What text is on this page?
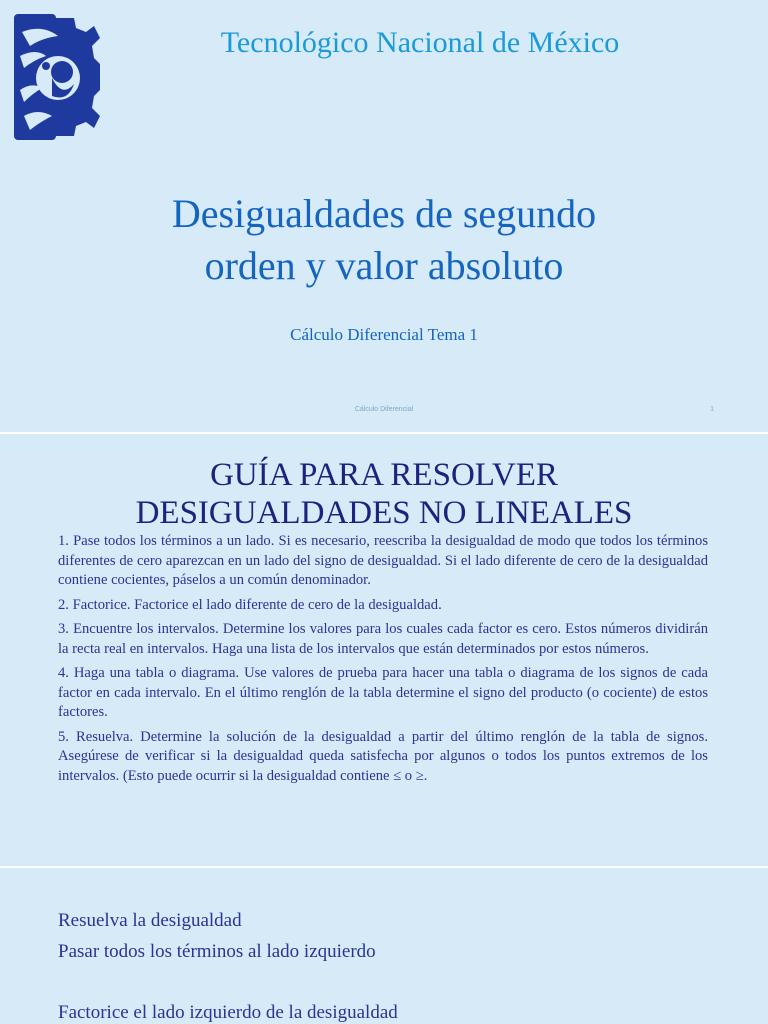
Tecnológico Nacional de México
Desigualdades de segundo
orden y valor absoluto
Cálculo Diferencial Tema 1
Cálculo Diferencial	1
GUÍA PARA RESOLVER
DESIGUALDADES NO LINEALES

1. Pase todos los términos a un lado. Si es necesario, reescriba la desigualdad de modo que todos los términos diferentes de cero aparezcan en un lado del signo de desigualdad. Si el lado diferente de cero de la desigualdad contiene cocientes, páselos a un común denominador.

2. Factorice. Factorice el lado diferente de cero de la desigualdad.

3. Encuentre los intervalos. Determine los valores para los cuales cada factor es cero. Estos números dividirán la recta real en intervalos. Haga una lista de los intervalos que están determinados por estos números.

4. Haga una tabla o diagrama. Use valores de prueba para hacer una tabla o diagrama de los signos de cada factor en cada intervalo. En el último renglón de la tabla determine el signo del producto (o cociente) de estos factores.

5. Resuelva. Determine la solución de la desigualdad a partir del último renglón de la tabla de signos. Asegúrese de verificar si la desigualdad queda satisfecha por algunos o todos los puntos extremos de los intervalos. (Esto puede ocurrir si la desigualdad contiene ≤ o ≥.

Resuelva la desigualdad
Pasar todos los términos al lado izquierdo
Factorice el lado izquierdo de la desigualdad
